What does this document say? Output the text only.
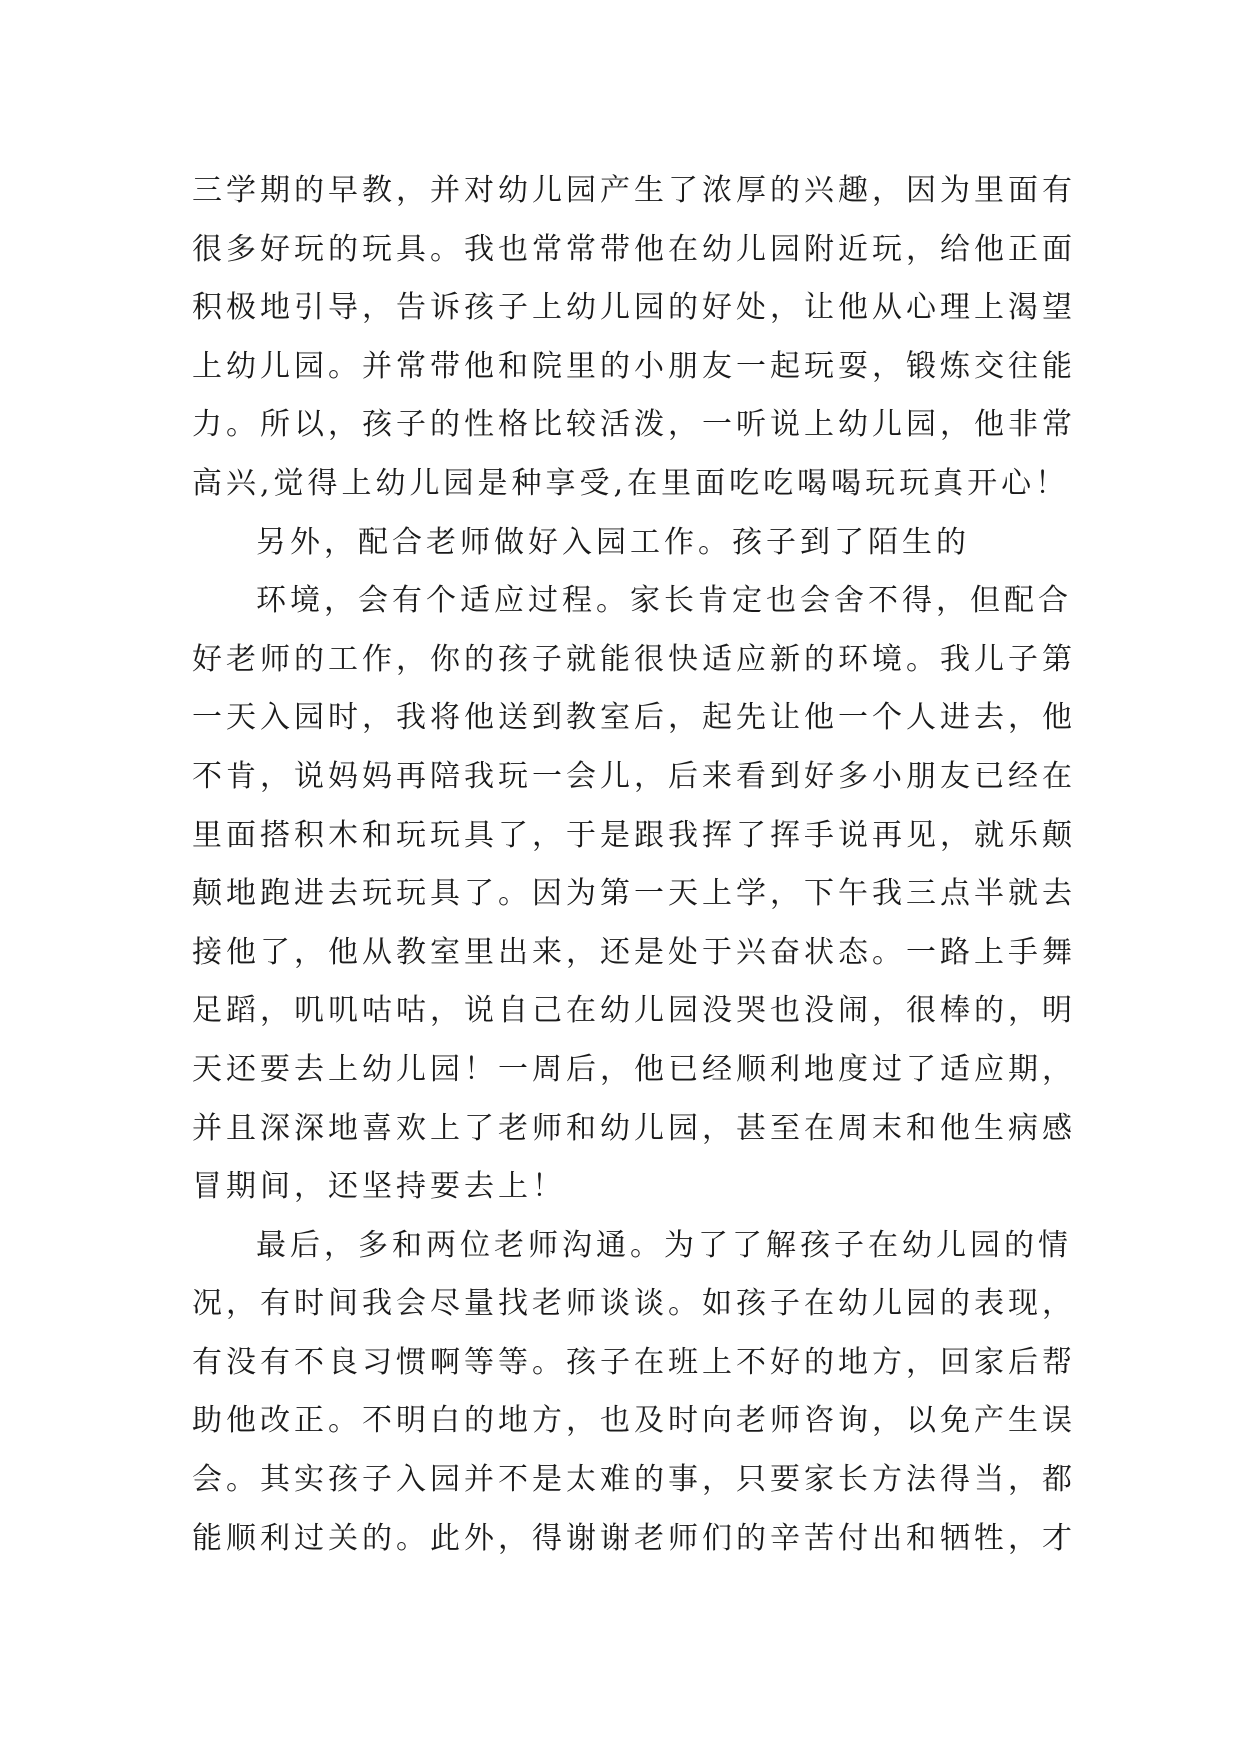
三学期的早教，并对幼儿园产生了浓厚的兴趣，因为里面有
很多好玩的玩具。我也常常带他在幼儿园附近玩，给他正面
积极地引导，告诉孩子上幼儿园的好处，让他从心理上渴望
上幼儿园。并常带他和院里的小朋友一起玩耍，锻炼交往能
力。所以，孩子的性格比较活泼，一听说上幼儿园，他非常
高兴,觉得上幼儿园是种享受,在里面吃吃喝喝玩玩真开心！
另外，配合老师做好入园工作。孩子到了陌生的
环境，会有个适应过程。家长肯定也会舍不得，但配合
好老师的工作，你的孩子就能很快适应新的环境。我儿子第
一天入园时，我将他送到教室后，起先让他一个人进去，他
不肯，说妈妈再陪我玩一会儿，后来看到好多小朋友已经在
里面搭积木和玩玩具了，于是跟我挥了挥手说再见，就乐颠
颠地跑进去玩玩具了。因为第一天上学，下午我三点半就去
接他了，他从教室里出来，还是处于兴奋状态。一路上手舞
足蹈，叽叽咕咕，说自己在幼儿园没哭也没闹，很棒的，明
天还要去上幼儿园！一周后，他已经顺利地度过了适应期，
并且深深地喜欢上了老师和幼儿园，甚至在周末和他生病感
冒期间，还坚持要去上！
最后，多和两位老师沟通。为了了解孩子在幼儿园的情
况，有时间我会尽量找老师谈谈。如孩子在幼儿园的表现，
有没有不良习惯啊等等。孩子在班上不好的地方，回家后帮
助他改正。不明白的地方，也及时向老师咨询，以免产生误
会。其实孩子入园并不是太难的事，只要家长方法得当，都
能顺利过关的。此外，得谢谢老师们的辛苦付出和牺牲，才
